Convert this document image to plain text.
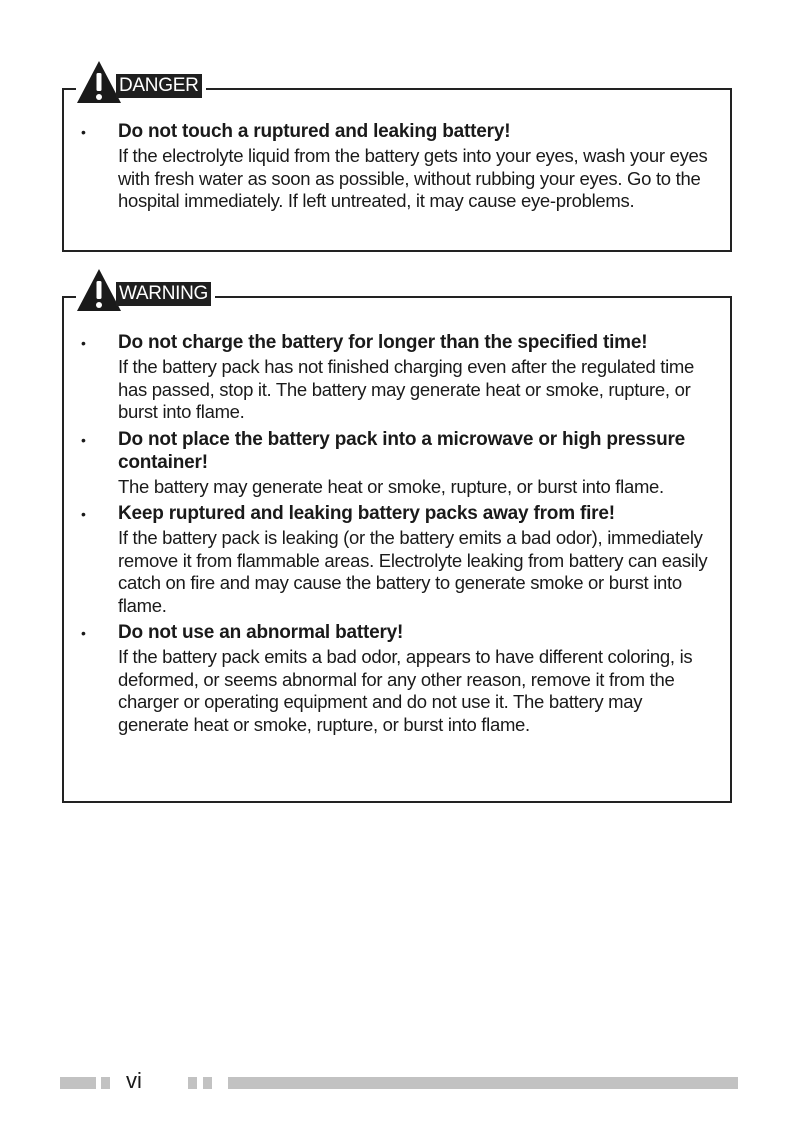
DANGER
• Do not touch a ruptured and leaking battery!

If the electrolyte liquid from the battery gets into your eyes, wash your eyes with fresh water as soon as possible, without rubbing your eyes. Go to the hospital immediately. If left untreated, it may cause eye-problems.

WARNING
• Do not charge the battery for longer than the specified time!

If the battery pack has not finished charging even after the regulated time has passed, stop it. The battery may generate heat or smoke, rupture, or burst into flame.

• Do not place the battery pack into a microwave or high pressure container!

The battery may generate heat or smoke, rupture, or burst into flame.

• Keep ruptured and leaking battery packs away from fire!

If the battery pack is leaking (or the battery emits a bad odor), immediately remove it from flammable areas. Electrolyte leaking from battery can easily catch on fire and may cause the battery to generate smoke or burst into flame.

• Do not use an abnormal battery!

If the battery pack emits a bad odor, appears to have different coloring, is deformed, or seems abnormal for any other reason, remove it from the charger or operating equipment and do not use it. The battery may generate heat or smoke, rupture, or burst into flame.

vi
